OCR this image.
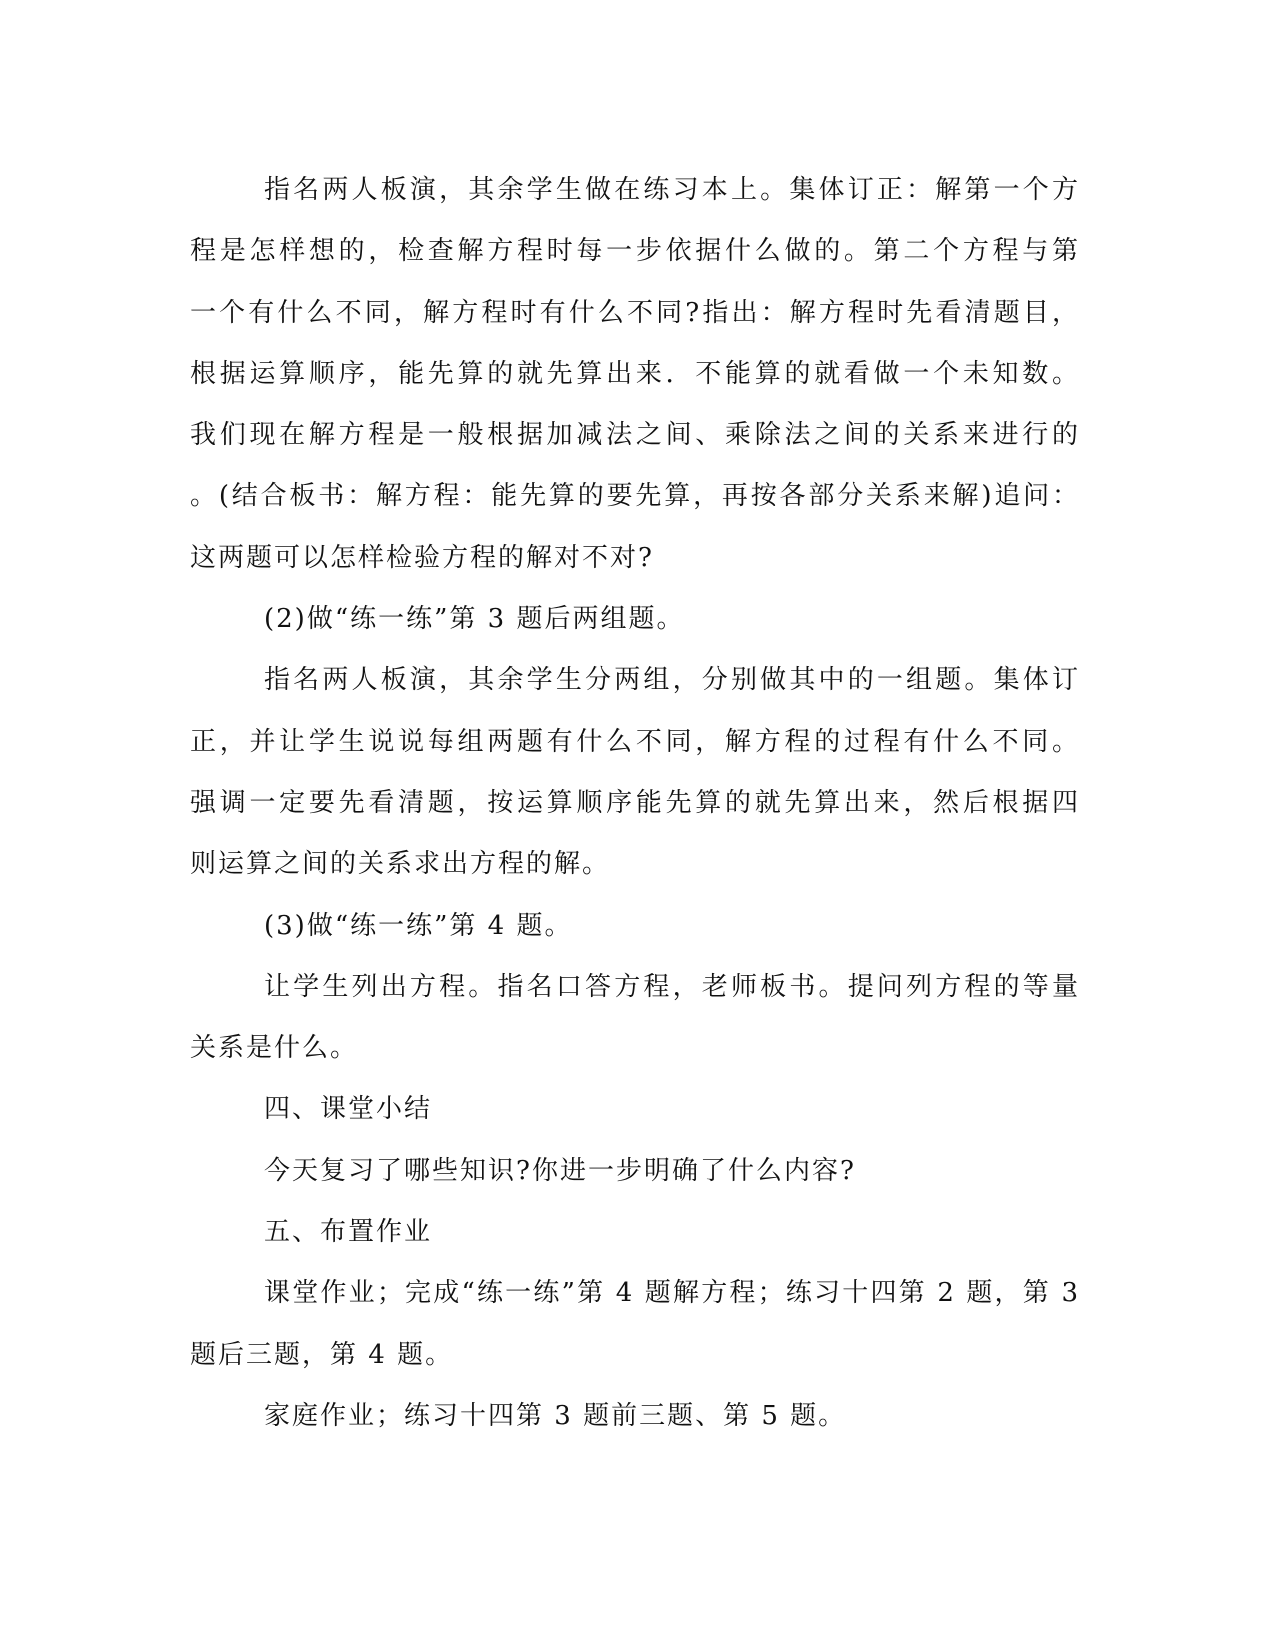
指名两人板演，其余学生做在练习本上。集体订正：解第一个方
程是怎样想的，检查解方程时每一步依据什么做的。第二个方程与第
一个有什么不同，解方程时有什么不同?指出：解方程时先看清题目，
根据运算顺序，能先算的就先算出来．不能算的就看做一个未知数。
我们现在解方程是一般根据加减法之间、乘除法之间的关系来进行的
。(结合板书：解方程：能先算的要先算，再按各部分关系来解)追问：
这两题可以怎样检验方程的解对不对?
(2)做“练一练”第 3 题后两组题。
指名两人板演，其余学生分两组，分别做其中的一组题。集体订
正，并让学生说说每组两题有什么不同，解方程的过程有什么不同。
强调一定要先看清题，按运算顺序能先算的就先算出来，然后根据四
则运算之间的关系求出方程的解。
(3)做“练一练”第 4 题。
让学生列出方程。指名口答方程，老师板书。提问列方程的等量
关系是什么。
四、课堂小结
今天复习了哪些知识?你进一步明确了什么内容?
五、布置作业
课堂作业；完成“练一练”第 4 题解方程；练习十四第 2 题，第 3
题后三题，第 4 题。
家庭作业；练习十四第 3 题前三题、第 5 题。
